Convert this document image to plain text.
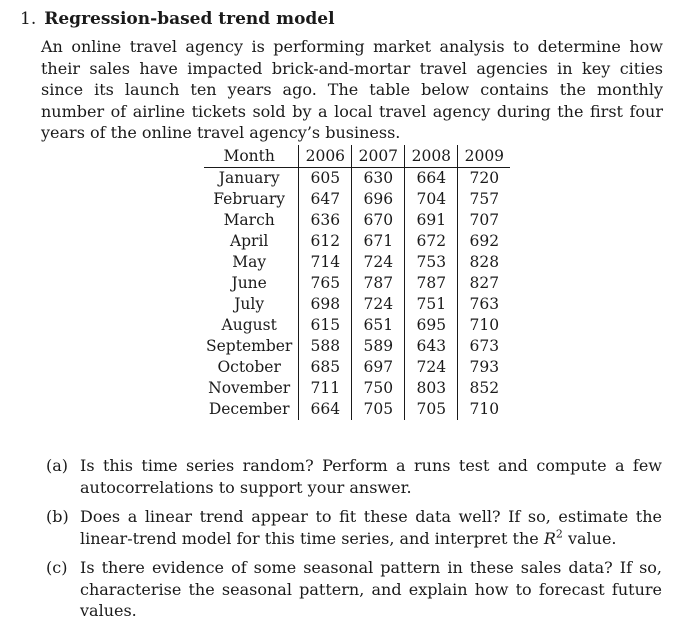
1. Regression-based trend model
An online travel agency is performing market analysis to determine how their sales have impacted brick-and-mortar travel agencies in key cities since its launch ten years ago. The table below contains the monthly number of airline tickets sold by a local travel agency during the first four years of the online travel agency’s business.
Month	2006	2007	2008	2009
January	605	630	664	720
February	647	696	704	757
March	636	670	691	707
April	612	671	672	692
May	714	724	753	828
June	765	787	787	827
July	698	724	751	763
August	615	651	695	710
September	588	589	643	673
October	685	697	724	793
November	711	750	803	852
December	664	705	705	710
(a) Is this time series random? Perform a runs test and compute a few autocorrelations to support your answer.
(b) Does a linear trend appear to fit these data well? If so, estimate the linear-trend model for this time series, and interpret the $R^2$ value.
(c) Is there evidence of some seasonal pattern in these sales data? If so, characterise the seasonal pattern, and explain how to forecast future values.
